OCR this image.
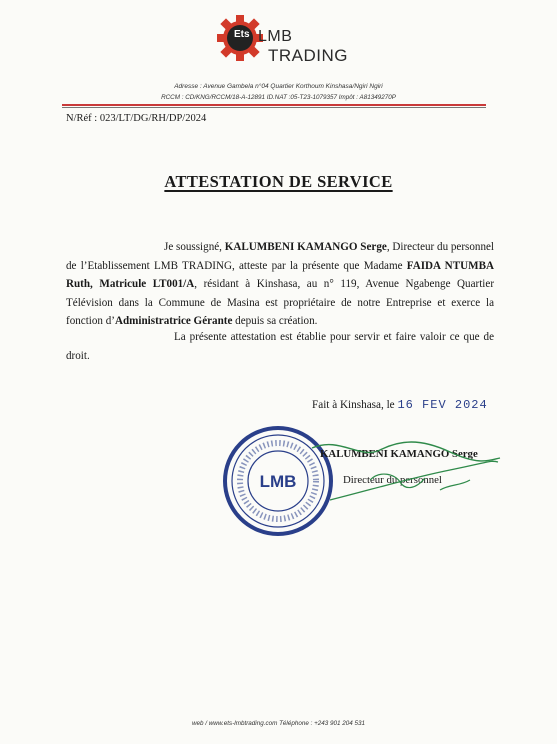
Ets LMB
TRADING
Adresse : Avenue Gambela n°04 Quartier Korthoum Kinshasa/Ngiri Ngiri
RCCM : CD/KNG/RCCM/18-A-12891 ID.NAT :05-T23-1079357 Impôt : A81349270P
N/Réf : 023/LT/DG/RH/DP/2024
ATTESTATION DE SERVICE
Je soussigné, KALUMBENI KAMANGO Serge, Directeur du personnel de l’Etablissement LMB TRADING, atteste par la présente que Madame FAIDA NTUMBA Ruth, Matricule LT001/A, résidant à Kinshasa, au n° 119, Avenue Ngabenge Quartier Télévision dans la Commune de Masina est propriétaire de notre Entreprise et exerce la fonction d’Administratrice Gérante depuis sa création.
La présente attestation est établie pour servir et faire valoir ce que de droit.
Fait à Kinshasa, le 16 FEV 2024
LMB
KALUMBENI KAMANGO Serge
Directeur du personnel
web / www.ets-lmbtrading.com Téléphone : +243 901 204 531
